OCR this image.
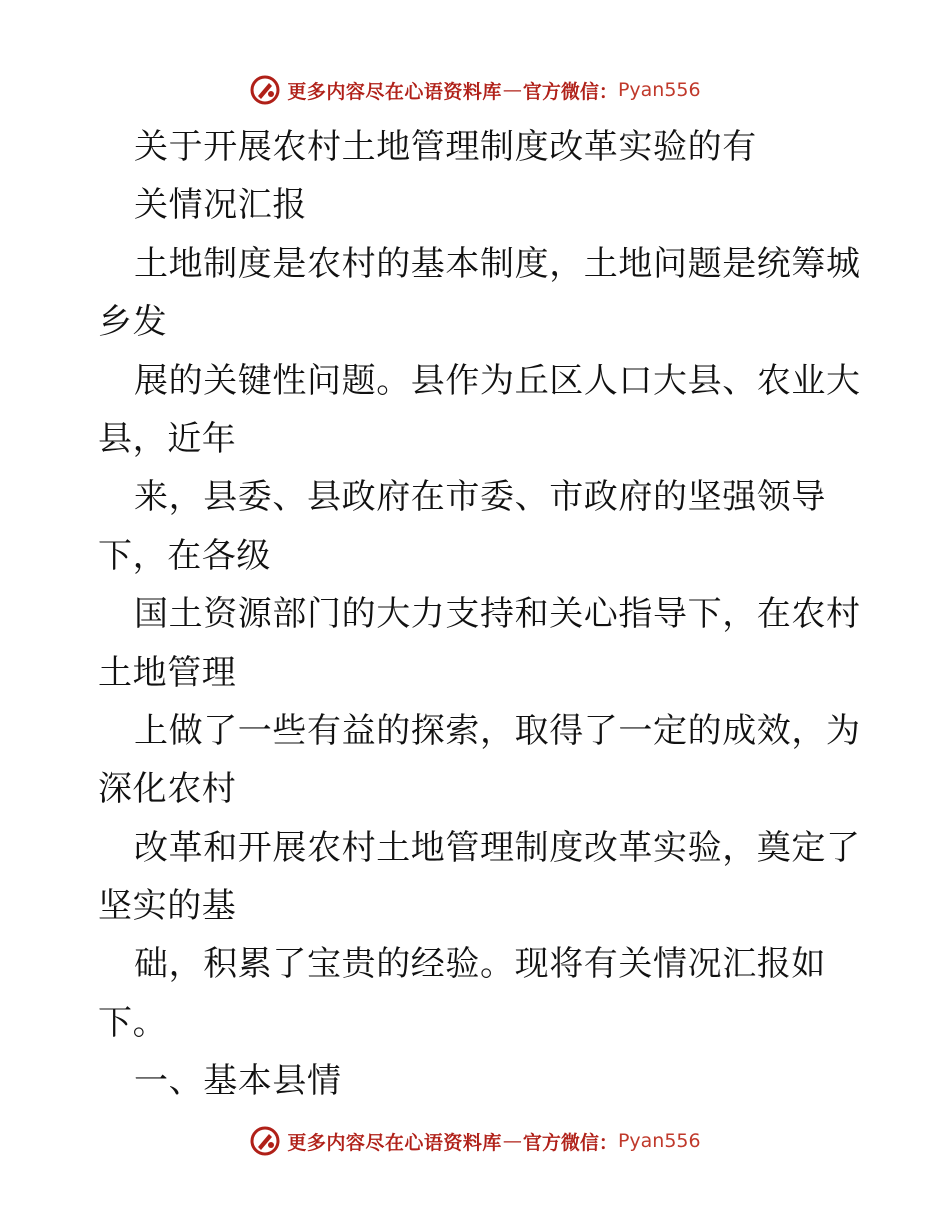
更多内容尽在心语资料库 — 官方微信： Pyan556
关于开展农村土地管理制度改革实验的有
关情况汇报
土地制度是农村的基本制度，土地问题是统筹城
乡发
展的关键性问题。县作为丘区人口大县、农业大
县，近年
来，县委、县政府在市委、市政府的坚强领导
下，在各级
国土资源部门的大力支持和关心指导下，在农村
土地管理
上做了一些有益的探索，取得了一定的成效，为
深化农村
改革和开展农村土地管理制度改革实验，奠定了
坚实的基
础，积累了宝贵的经验。现将有关情况汇报如
下。
一、基本县情
更多内容尽在心语资料库 — 官方微信： Pyan556
